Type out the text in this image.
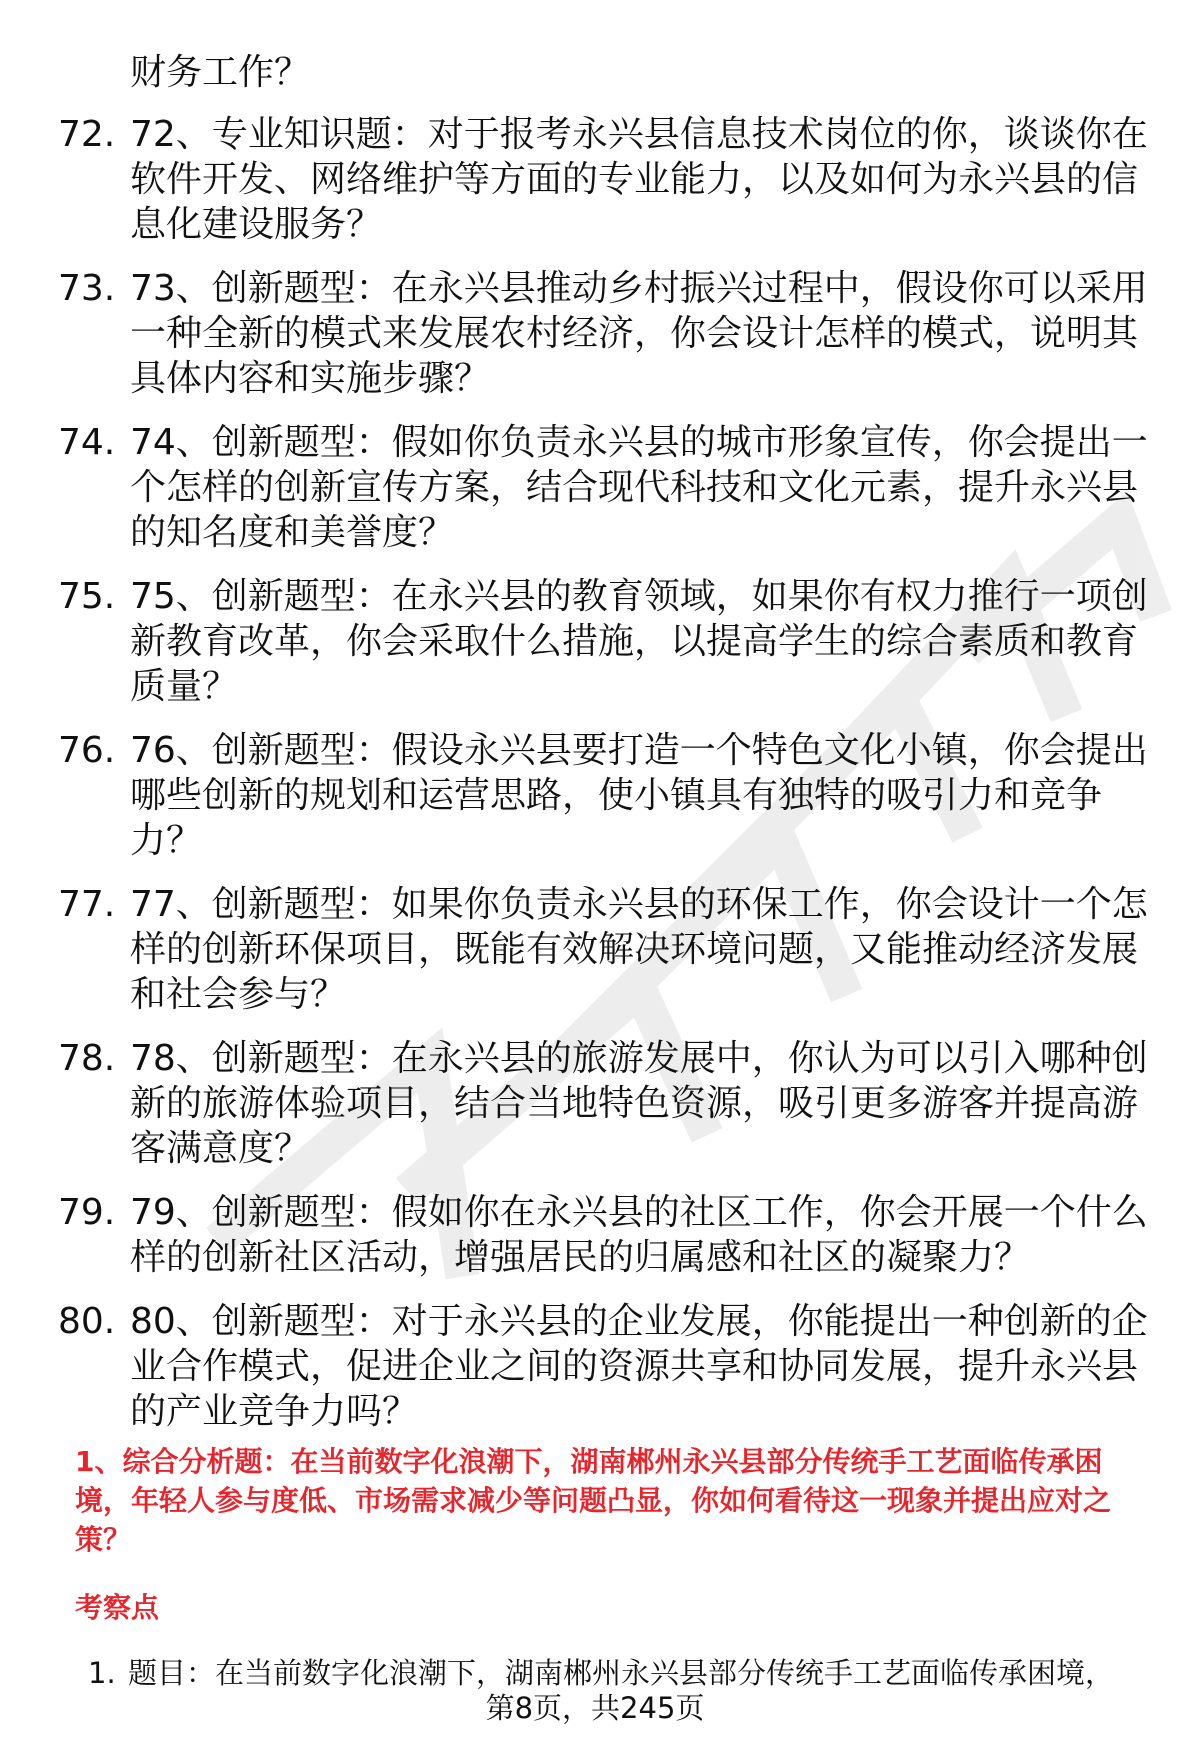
财务工作？
72. 72、专业知识题：对于报考永兴县信息技术岗位的你，谈谈你在软件开发、网络维护等方面的专业能力，以及如何为永兴县的信息化建设服务？
73. 73、创新题型：在永兴县推动乡村振兴过程中，假设你可以采用一种全新的模式来发展农村经济，你会设计怎样的模式，说明其具体内容和实施步骤？
74. 74、创新题型：假如你负责永兴县的城市形象宣传，你会提出一个怎样的创新宣传方案，结合现代科技和文化元素，提升永兴县的知名度和美誉度？
75. 75、创新题型：在永兴县的教育领域，如果你有权力推行一项创新教育改革，你会采取什么措施，以提高学生的综合素质和教育质量？
76. 76、创新题型：假设永兴县要打造一个特色文化小镇，你会提出哪些创新的规划和运营思路，使小镇具有独特的吸引力和竞争力？
77. 77、创新题型：如果你负责永兴县的环保工作，你会设计一个怎样的创新环保项目，既能有效解决环境问题，又能推动经济发展和社会参与？
78. 78、创新题型：在永兴县的旅游发展中，你认为可以引入哪种创新的旅游体验项目，结合当地特色资源，吸引更多游客并提高游客满意度？
79. 79、创新题型：假如你在永兴县的社区工作，你会开展一个什么样的创新社区活动，增强居民的归属感和社区的凝聚力？
80. 80、创新题型：对于永兴县的企业发展，你能提出一种创新的企业合作模式，促进企业之间的资源共享和协同发展，提升永兴县的产业竞争力吗？
1、综合分析题：在当前数字化浪潮下，湖南郴州永兴县部分传统手工艺面临传承困境，年轻人参与度低、市场需求减少等问题凸显，你如何看待这一现象并提出应对之策？
考察点
1. 题目：在当前数字化浪潮下，湖南郴州永兴县部分传统手工艺面临传承困境，
第8页，共245页
